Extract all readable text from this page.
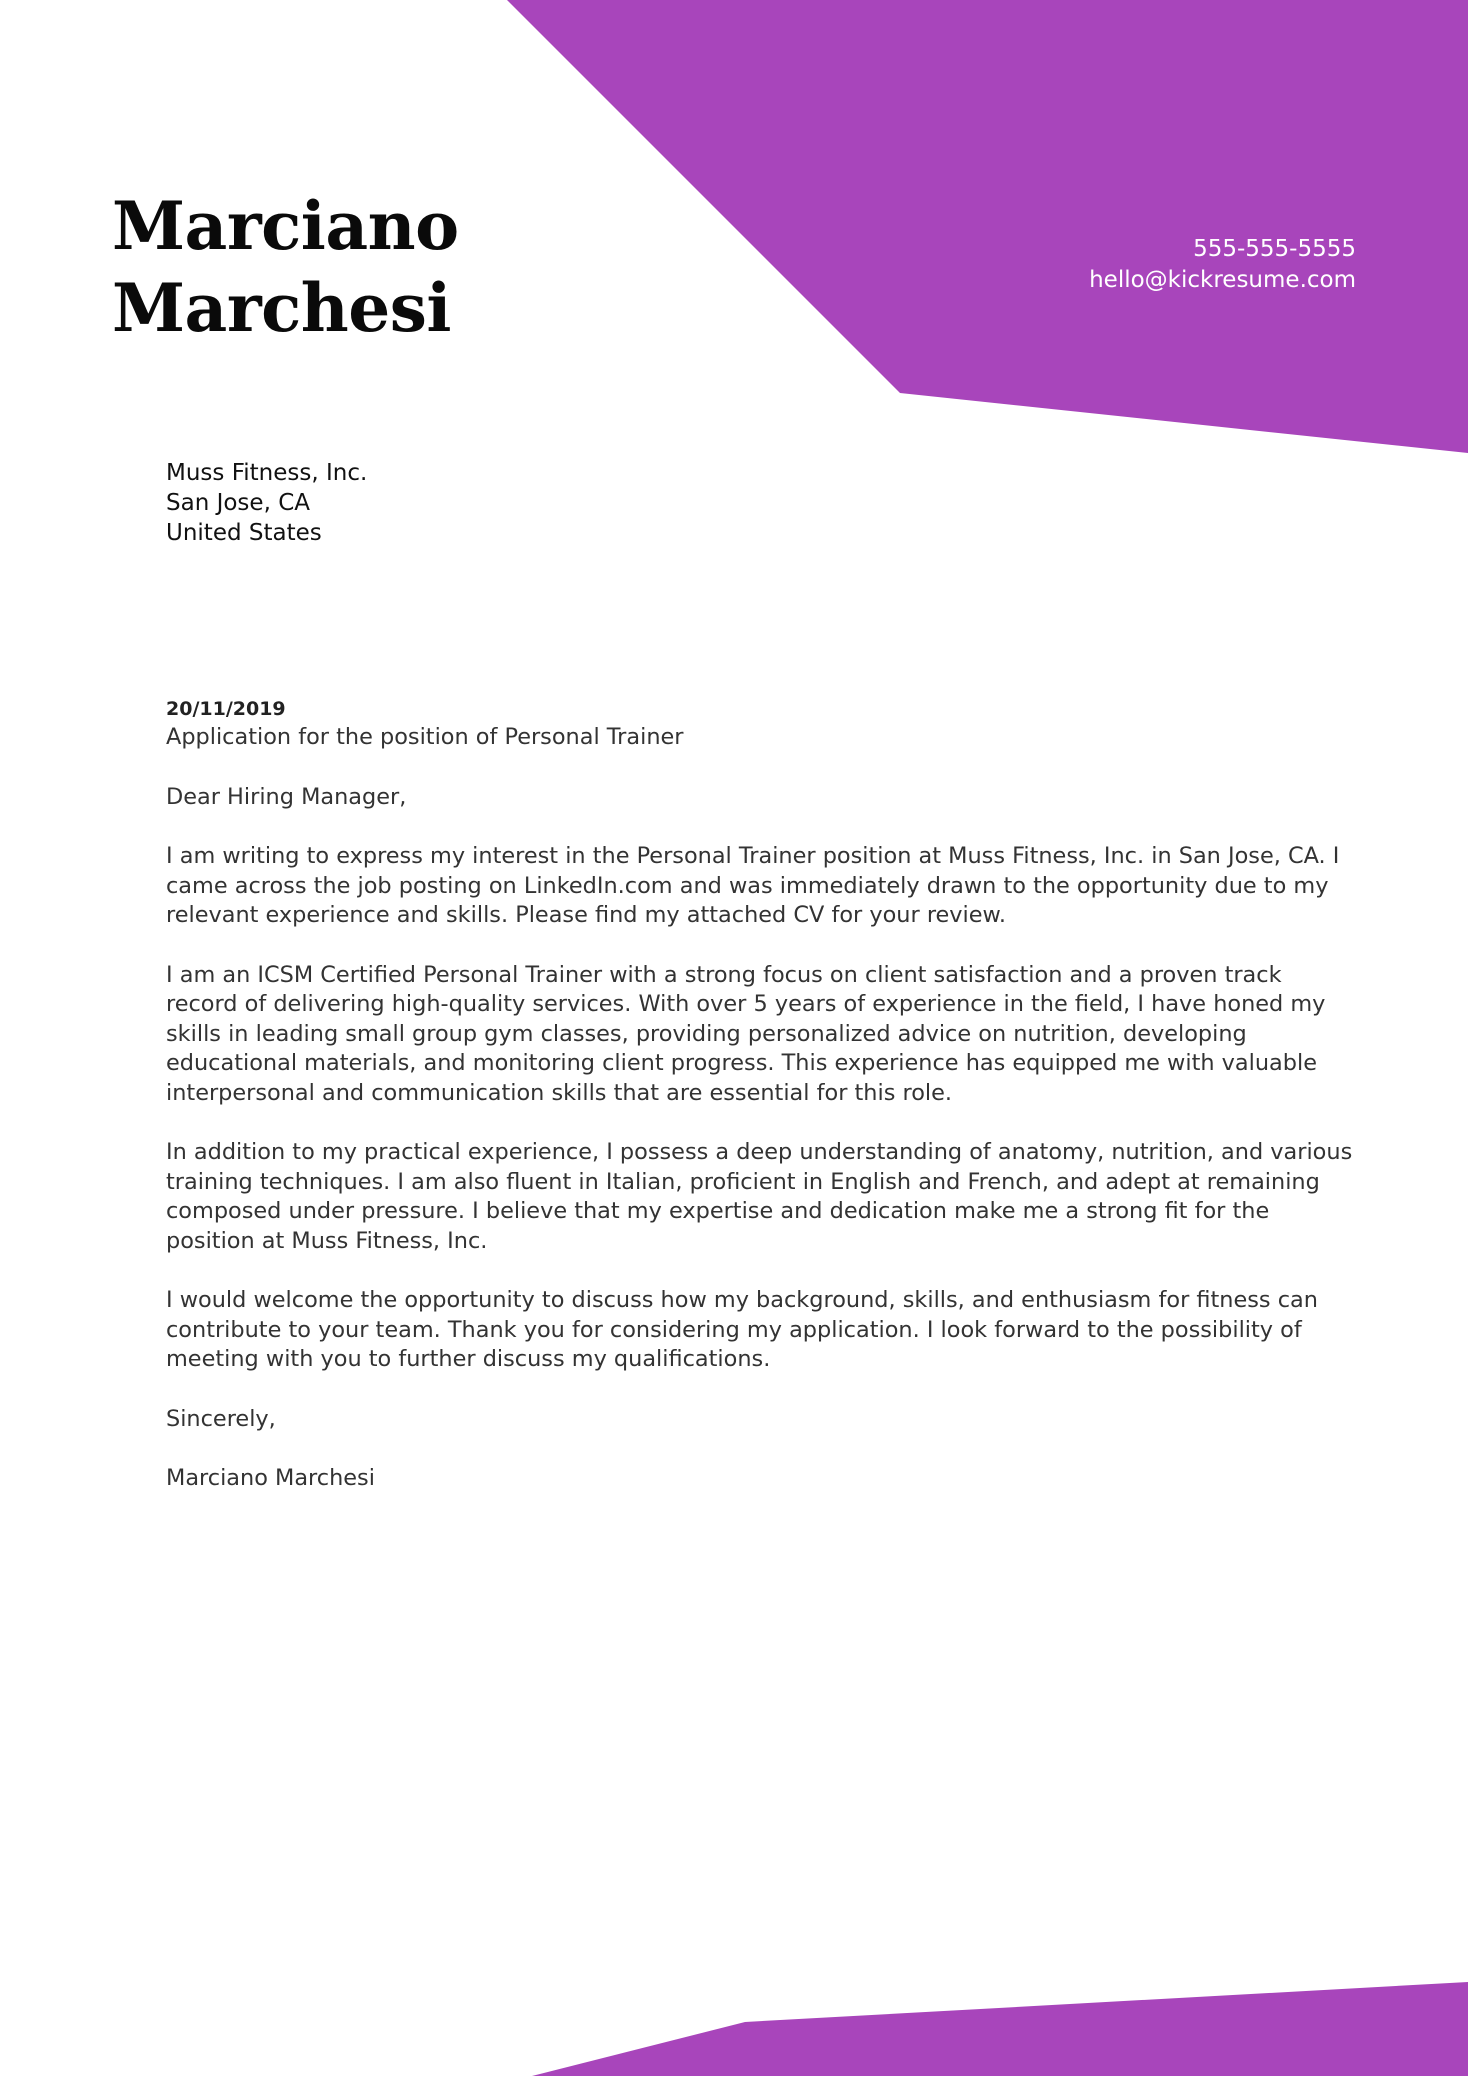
Marciano
Marchesi
555-555-5555
hello@kickresume.com
Muss Fitness, Inc.
San Jose, CA
United States
20/11/2019
Application for the position of Personal Trainer
Dear Hiring Manager,
I am writing to express my interest in the Personal Trainer position at Muss Fitness, Inc. in San Jose, CA. I
came across the job posting on LinkedIn.com and was immediately drawn to the opportunity due to my
relevant experience and skills. Please find my attached CV for your review.
I am an ICSM Certified Personal Trainer with a strong focus on client satisfaction and a proven track
record of delivering high-quality services. With over 5 years of experience in the field, I have honed my
skills in leading small group gym classes, providing personalized advice on nutrition, developing
educational materials, and monitoring client progress. This experience has equipped me with valuable
interpersonal and communication skills that are essential for this role.
In addition to my practical experience, I possess a deep understanding of anatomy, nutrition, and various
training techniques. I am also fluent in Italian, proficient in English and French, and adept at remaining
composed under pressure. I believe that my expertise and dedication make me a strong fit for the
position at Muss Fitness, Inc.
I would welcome the opportunity to discuss how my background, skills, and enthusiasm for fitness can
contribute to your team. Thank you for considering my application. I look forward to the possibility of
meeting with you to further discuss my qualifications.
Sincerely,
Marciano Marchesi
